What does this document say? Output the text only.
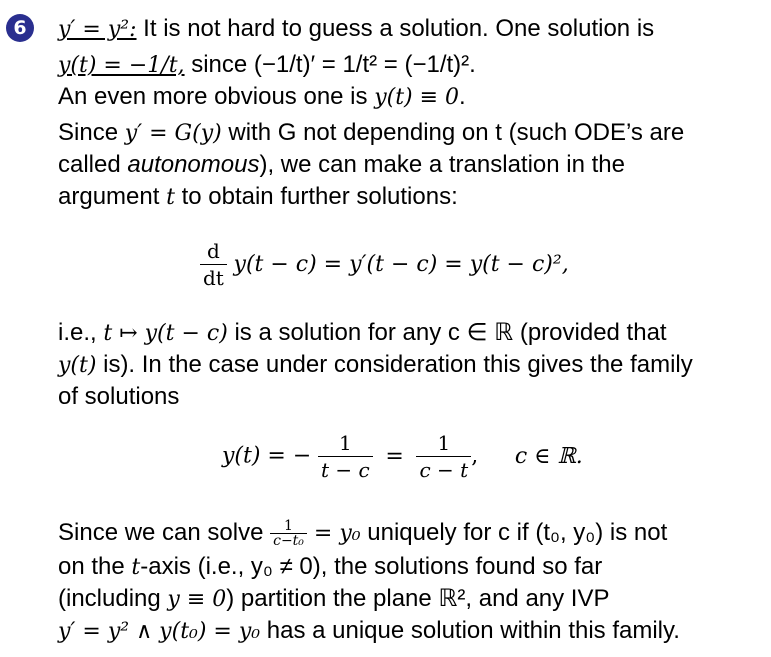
6	y′ = y²: It is not hard to guess a solution. One solution is
y(t) = −1/t, since (−1/t)′ = 1/t² = (−1/t)².
An even more obvious one is y(t) ≡ 0.
Since y′ = G(y) with G not depending on t (such ODE’s are
called autonomous), we can make a translation in the
argument t to obtain further solutions:
$\frac{d}{dt} y(t - c) = y'(t - c) = y(t - c)^2$,
i.e., t ↦ y(t − c) is a solution for any c ∈ ℝ (provided that
y(t) is). In the case under consideration this gives the family
of solutions
y(t) = − $\frac{1}{t - c} = \frac{1}{c - t}$ , c ∈ ℝ.
Since we can solve $\frac{1}{\text{c−t₀}} = y_0$ uniquely for c if (t₀, y₀) is not
on the t-axis (i.e., y₀ ≠ 0), the solutions found so far
(including y ≡ 0) partition the plane ℝ², and any IVP
y′ = y² ∧ y(t₀) = y₀ has a unique solution within this family.
